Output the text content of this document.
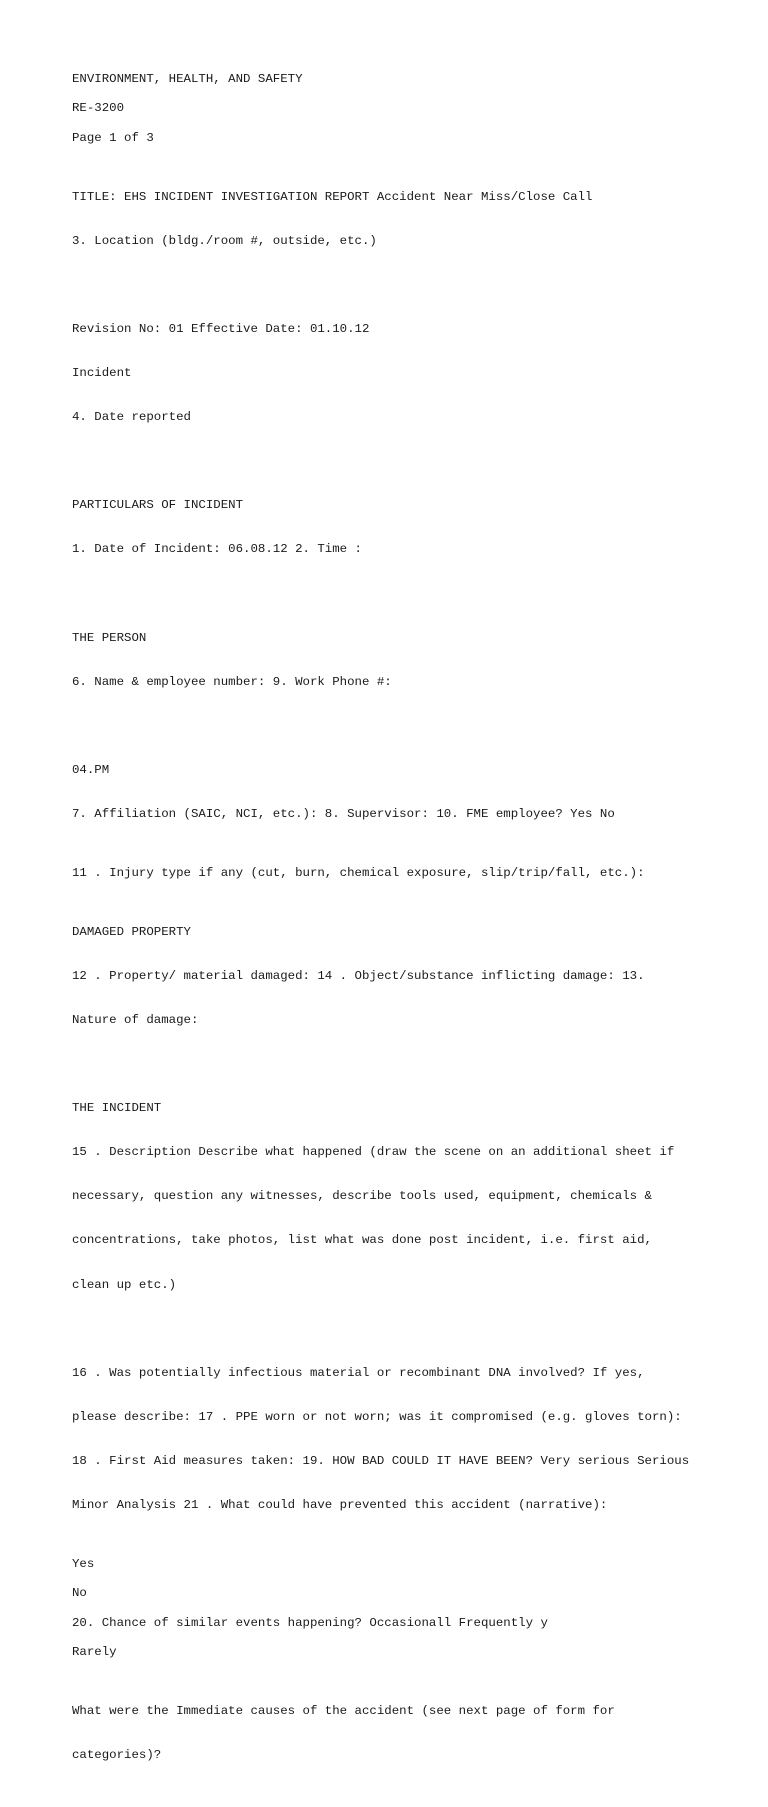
ENVIRONMENT, HEALTH, AND SAFETY

RE-3200

Page 1 of 3

TITLE: EHS INCIDENT INVESTIGATION REPORT Accident Near Miss/Close Call

3. Location (bldg./room #, outside, etc.)

Revision No: 01 Effective Date: 01.10.12

Incident

4. Date reported

PARTICULARS OF INCIDENT

1. Date of Incident: 06.08.12 2. Time :

THE PERSON

6. Name & employee number: 9. Work Phone #:

04.PM

7. Affiliation (SAIC, NCI, etc.): 8. Supervisor: 10. FME employee? Yes No

11 . Injury type if any (cut, burn, chemical exposure, slip/trip/fall, etc.):

DAMAGED PROPERTY

12 . Property/ material damaged: 14 . Object/substance inflicting damage: 13.

Nature of damage:

THE INCIDENT

15 . Description Describe what happened (draw the scene on an additional sheet if

necessary, question any witnesses, describe tools used, equipment, chemicals &

concentrations, take photos, list what was done post incident, i.e. first aid,

clean up etc.)

16 . Was potentially infectious material or recombinant DNA involved? If yes,

please describe: 17 . PPE worn or not worn; was it compromised (e.g. gloves torn):

18 . First Aid measures taken: 19. HOW BAD COULD IT HAVE BEEN? Very serious Serious

Minor Analysis 21 . What could have prevented this accident (narrative):

Yes

No

20. Chance of similar events happening? Occasionall Frequently y

Rarely

What were the Immediate causes of the accident (see next page of form for

categories)?
